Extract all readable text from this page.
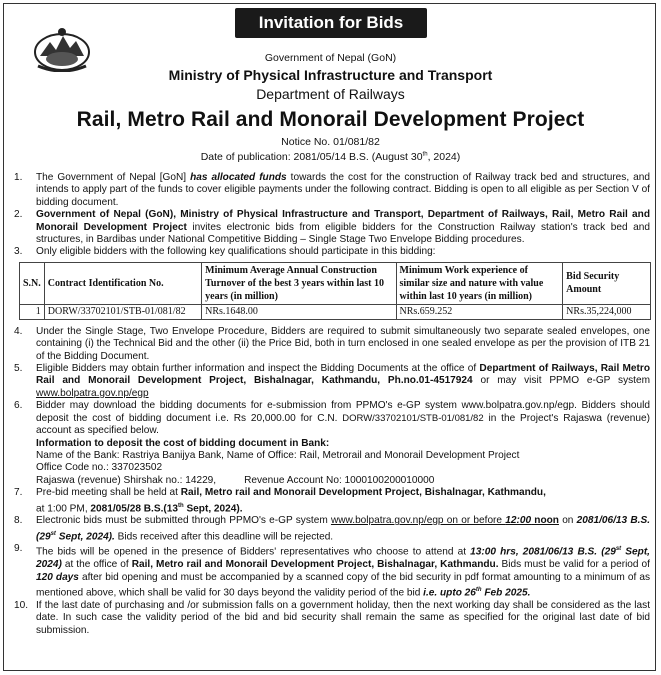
Invitation for Bids
Government of Nepal (GoN)
Ministry of Physical Infrastructure and Transport
Department of Railways
Rail, Metro Rail and Monorail Development Project
Notice No. 01/081/82
Date of publication: 2081/05/14 B.S. (August 30th, 2024)
1.	The Government of Nepal [GoN] has allocated funds towards the cost for the construction of Railway track bed and structures, and intends to apply part of the funds to cover eligible payments under the following contract. Bidding is open to all eligible as per Section V of bidding document.
2.	Government of Nepal (GoN), Ministry of Physical Infrastructure and Transport, Department of Railways, Rail, Metro Rail and Monorail Development Project invites electronic bids from eligible bidders for the Construction Railway station's track bed and structures, in Bardibas under National Competitive Bidding – Single Stage Two Envelope Bidding procedures.
3.	Only eligible bidders with the following key qualifications should participate in this bidding:
S.N.	Contract Identification No.	Minimum Average Annual Construction Turnover of the best 3 years within last 10 years (in million)	Minimum Work experience of similar size and nature with value within last 10 years (in million)	Bid Security Amount
1	DORW/33702101/STB-01/081/82	NRs.1648.00	NRs.659.252	NRs.35,224,000
4.	Under the Single Stage, Two Envelope Procedure, Bidders are required to submit simultaneously two separate sealed envelopes, one containing (i) the Technical Bid and the other (ii) the Price Bid, both in turn enclosed in one sealed envelope as per the provision of ITB 21 of the Bidding Document.
5.	Eligible Bidders may obtain further information and inspect the Bidding Documents at the office of Department of Railways, Rail Metro Rail and Monorail Development Project, Bishalnagar, Kathmandu, Ph.no.01-4517924 or may visit PPMO e-GP system www.bolpatra.gov.np/egp
6.	Bidder may download the bidding documents for e-submission from PPMO's e-GP system www.bolpatra.gov.np/egp. Bidders should deposit the cost of bidding document i.e. Rs 20,000.00 for C.N. DORW/33702101/STB-01/081/82 in the Project's Rajaswa (revenue) account as specified below.
Information to deposit the cost of bidding document in Bank:
Name of the Bank: Rastriya Banijya Bank, Name of Office: Rail, Metrorail and Monorail Development Project
Office Code no.: 337023502
Rajaswa (revenue) Shirshak no.: 14229,	Revenue Account No: 1000100200010000
7.	Pre-bid meeting shall be held at Rail, Metro rail and Monorail Development Project, Bishalnagar, Kathmandu,
at 1:00 PM, 2081/05/28 B.S.(13th Sept, 2024).
8.	Electronic bids must be submitted through PPMO's e-GP system www.bolpatra.gov.np/egp on or before 12:00 noon on 2081/06/13 B.S. (29st Sept, 2024). Bids received after this deadline will be rejected.
9.	The bids will be opened in the presence of Bidders' representatives who choose to attend at 13:00 hrs, 2081/06/13 B.S. (29st Sept, 2024) at the office of Rail, Metro rail and Monorail Development Project, Bishalnagar, Kathmandu. Bids must be valid for a period of 120 days after bid opening and must be accompanied by a scanned copy of the bid security in pdf format amounting to a minimum of as mentioned above, which shall be valid for 30 days beyond the validity period of the bid i.e. upto 26th Feb 2025.
10. If the last date of purchasing and /or submission falls on a government holiday, then the next working day shall be considered as the last date. In such case the validity period of the bid and bid security shall remain the same as specified for the original last date of bid submission.
